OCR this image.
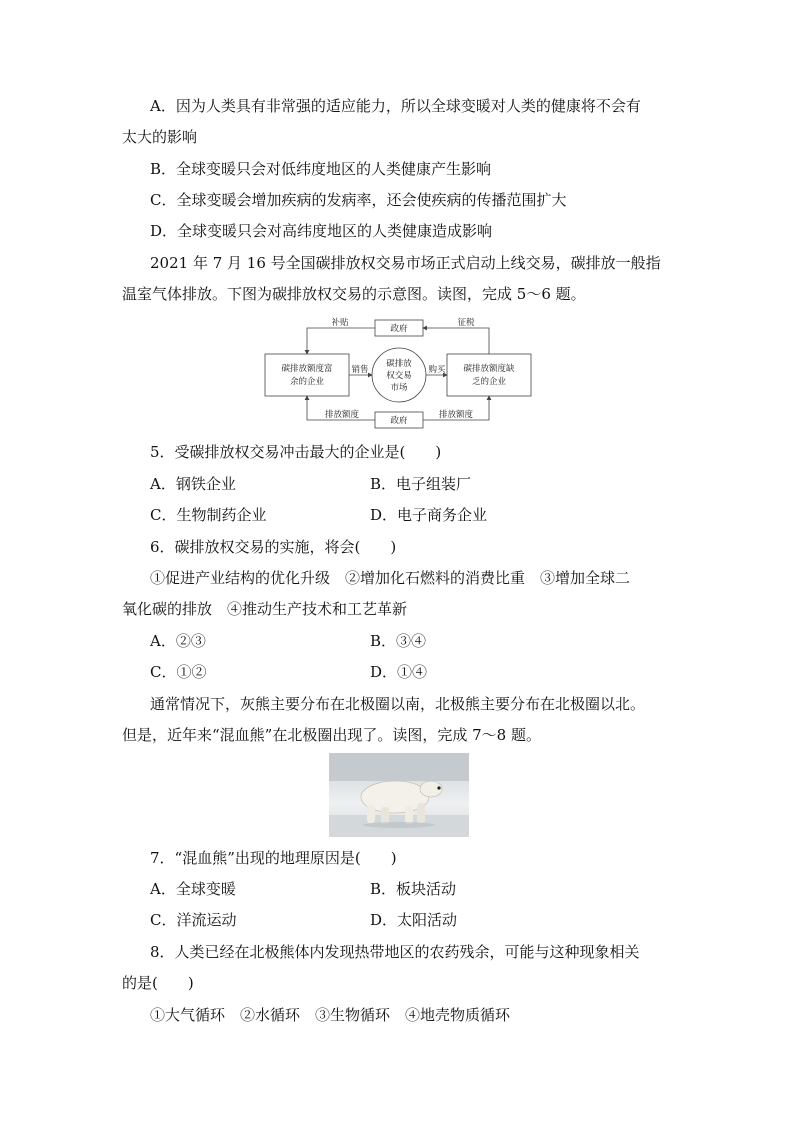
A．因为人类具有非常强的适应能力，所以全球变暖对人类的健康将不会有
太大的影响
B．全球变暖只会对低纬度地区的人类健康产生影响
C．全球变暖会增加疾病的发病率，还会使疾病的传播范围扩大
D．全球变暖只会对高纬度地区的人类健康造成影响
2021 年 7 月 16 号全国碳排放权交易市场正式启动上线交易，碳排放一般指
温室气体排放。下图为碳排放权交易的示意图。读图，完成 5～6 题。
政府
政府
碳排放额度富
余的企业
碳排放额度缺
乏的企业
碳排放
权交易
市场
补贴	征税
销售	购买
排放额度	排放额度
5．受碳排放权交易冲击最大的企业是(　　)
A．钢铁企业	B．电子组装厂
C．生物制药企业	D．电子商务企业
6．碳排放权交易的实施，将会(　　)
①促进产业结构的优化升级　②增加化石燃料的消费比重　③增加全球二
氧化碳的排放　④推动生产技术和工艺革新
A．②③	B．③④
C．①②	D．①④
通常情况下，灰熊主要分布在北极圈以南，北极熊主要分布在北极圈以北。
但是，近年来“混血熊”在北极圈出现了。读图，完成 7～8 题。
7．“混血熊”出现的地理原因是(　　)
A．全球变暖	B．板块活动
C．洋流运动	D．太阳活动
8．人类已经在北极熊体内发现热带地区的农药残余，可能与这种现象相关
的是(　　)
①大气循环　②水循环　③生物循环　④地壳物质循环
